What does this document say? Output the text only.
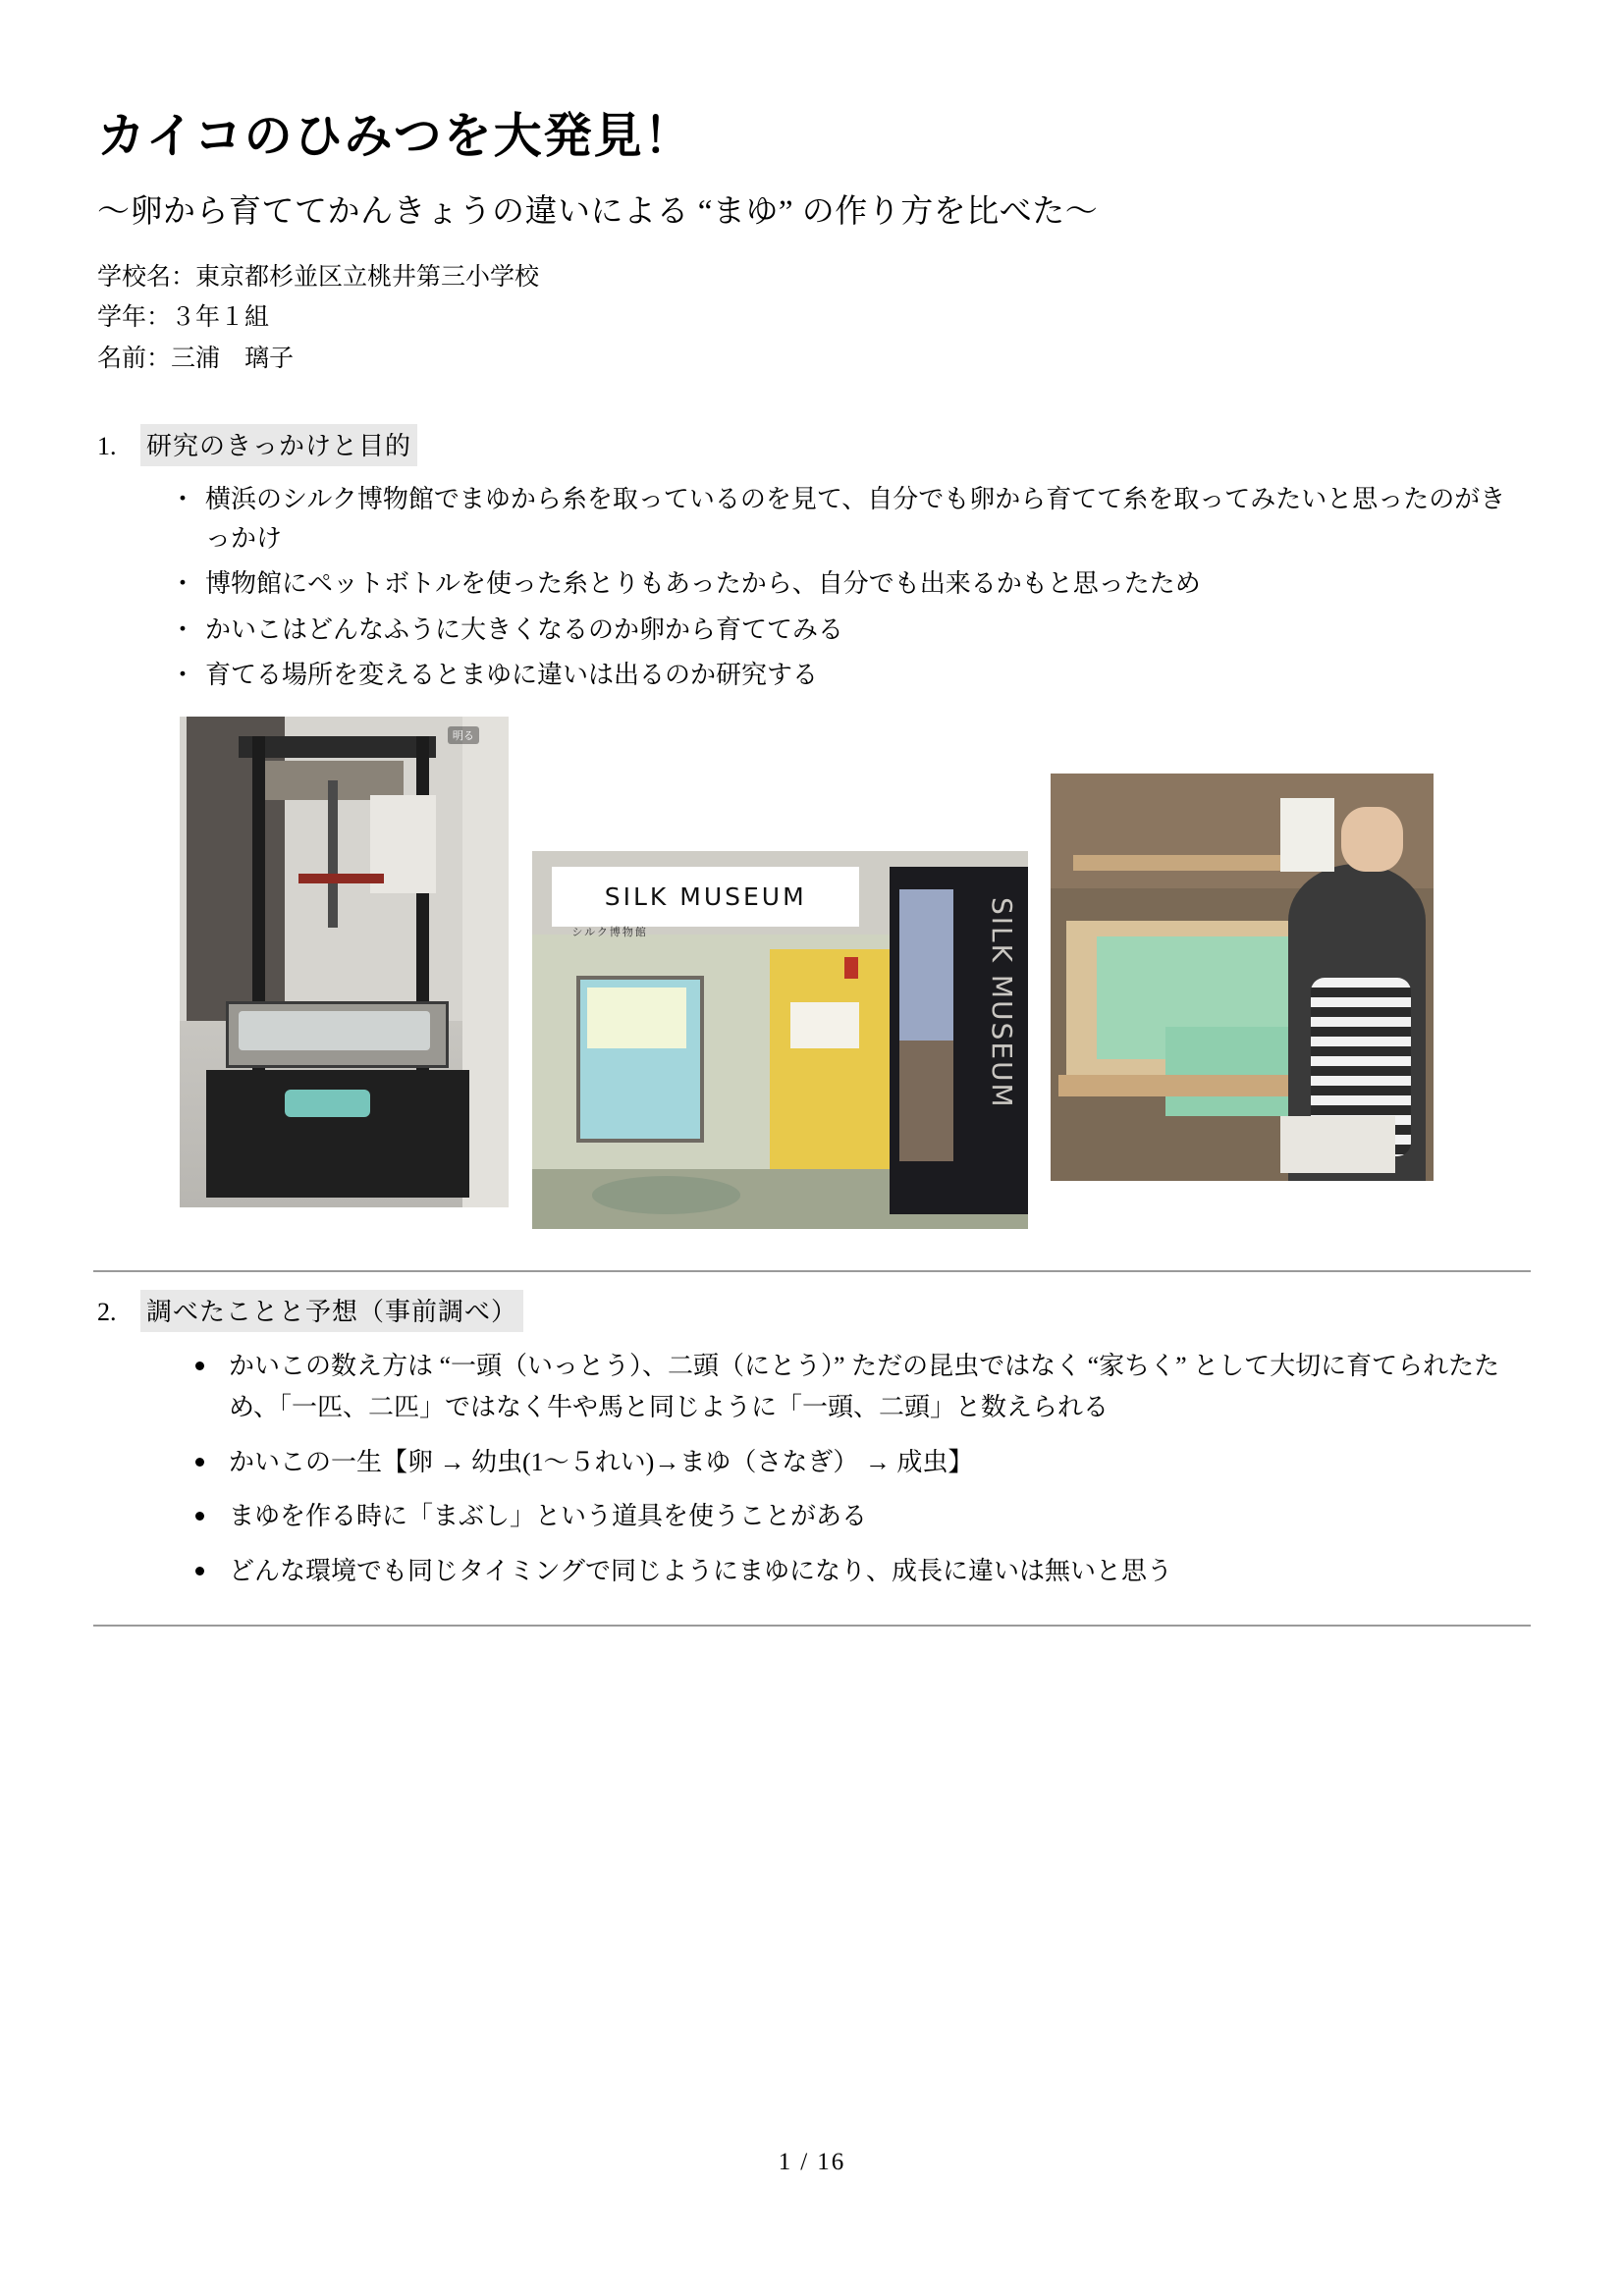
カイコのひみつを大発見！
〜卵から育ててかんきょうの違いによる “まゆ” の作り方を比べた〜
学校名：東京都杉並区立桃井第三小学校
学年：３年１組
名前：三浦　璃子
1.	研究のきっかけと目的
・ 横浜のシルク博物館でまゆから糸を取っているのを見て、自分でも卵から育てて糸を取ってみたいと思ったのがきっかけ
・ 博物館にペットボトルを使った糸とりもあったから、自分でも出来るかもと思ったため
・ かいこはどんなふうに大きくなるのか卵から育ててみる
・ 育てる場所を変えるとまゆに違いは出るのか研究する
明る
SILK MUSEUM
シルク博物館	SILK MUSEUM
2.	調べたことと予想（事前調べ）
かいこの数え方は “一頭（いっとう）、二頭（にとう）” ただの昆虫ではなく “家ちく” として大切に育てられたため、「一匹、二匹」ではなく牛や馬と同じように「一頭、二頭」と数えられる
かいこの一生【卵 → 幼虫(1〜５れい)→まゆ（さなぎ） → 成虫】
まゆを作る時に「まぶし」という道具を使うことがある
どんな環境でも同じタイミングで同じようにまゆになり、成長に違いは無いと思う
1 / 16
